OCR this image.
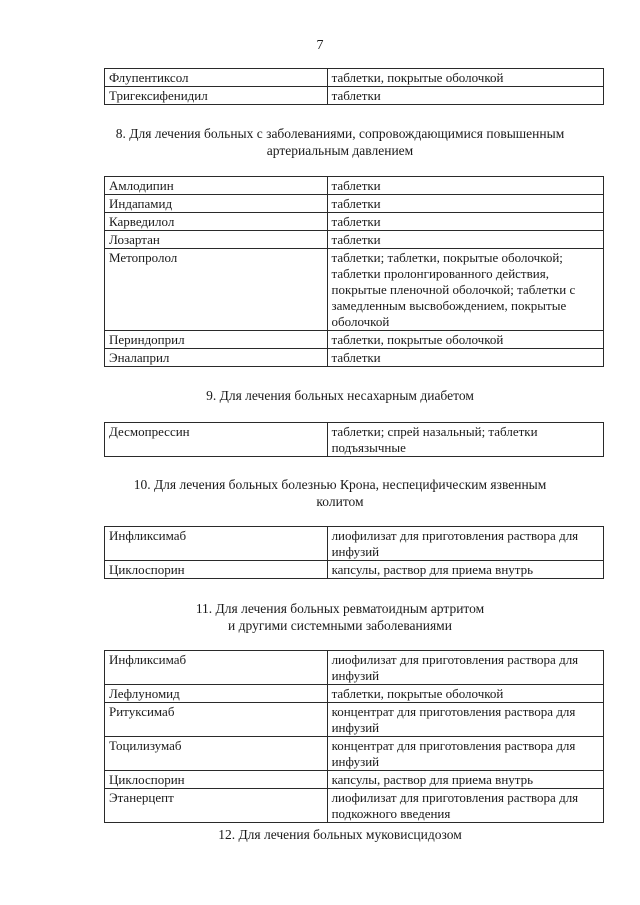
7
Флупентиксол	таблетки, покрытые оболочкой
Тригексифенидил	таблетки
8. Для лечения больных с заболеваниями, сопровождающимися повышенным
артериальным давлением
Амлодипин	таблетки
Индапамид	таблетки
Карведилол	таблетки
Лозартан	таблетки
Метопролол	таблетки; таблетки, покрытые оболочкой; таблетки пролонгированного действия, покрытые пленочной оболочкой; таблетки с замедленным высвобождением, покрытые оболочкой
Периндоприл	таблетки, покрытые оболочкой
Эналаприл	таблетки
9. Для лечения больных несахарным диабетом
Десмопрессин	таблетки; спрей назальный; таблетки подъязычные
10. Для лечения больных болезнью Крона, неспецифическим язвенным
колитом
Инфликсимаб	лиофилизат для приготовления раствора для инфузий
Циклоспорин	капсулы, раствор для приема внутрь
11. Для лечения больных ревматоидным артритом
и другими системными заболеваниями
Инфликсимаб	лиофилизат для приготовления раствора для инфузий
Лефлуномид	таблетки, покрытые оболочкой
Ритуксимаб	концентрат для приготовления раствора для инфузий
Тоцилизумаб	концентрат для приготовления раствора для инфузий
Циклоспорин	капсулы, раствор для приема внутрь
Этанерцепт	лиофилизат для приготовления раствора для подкожного введения
12. Для лечения больных муковисцидозом
